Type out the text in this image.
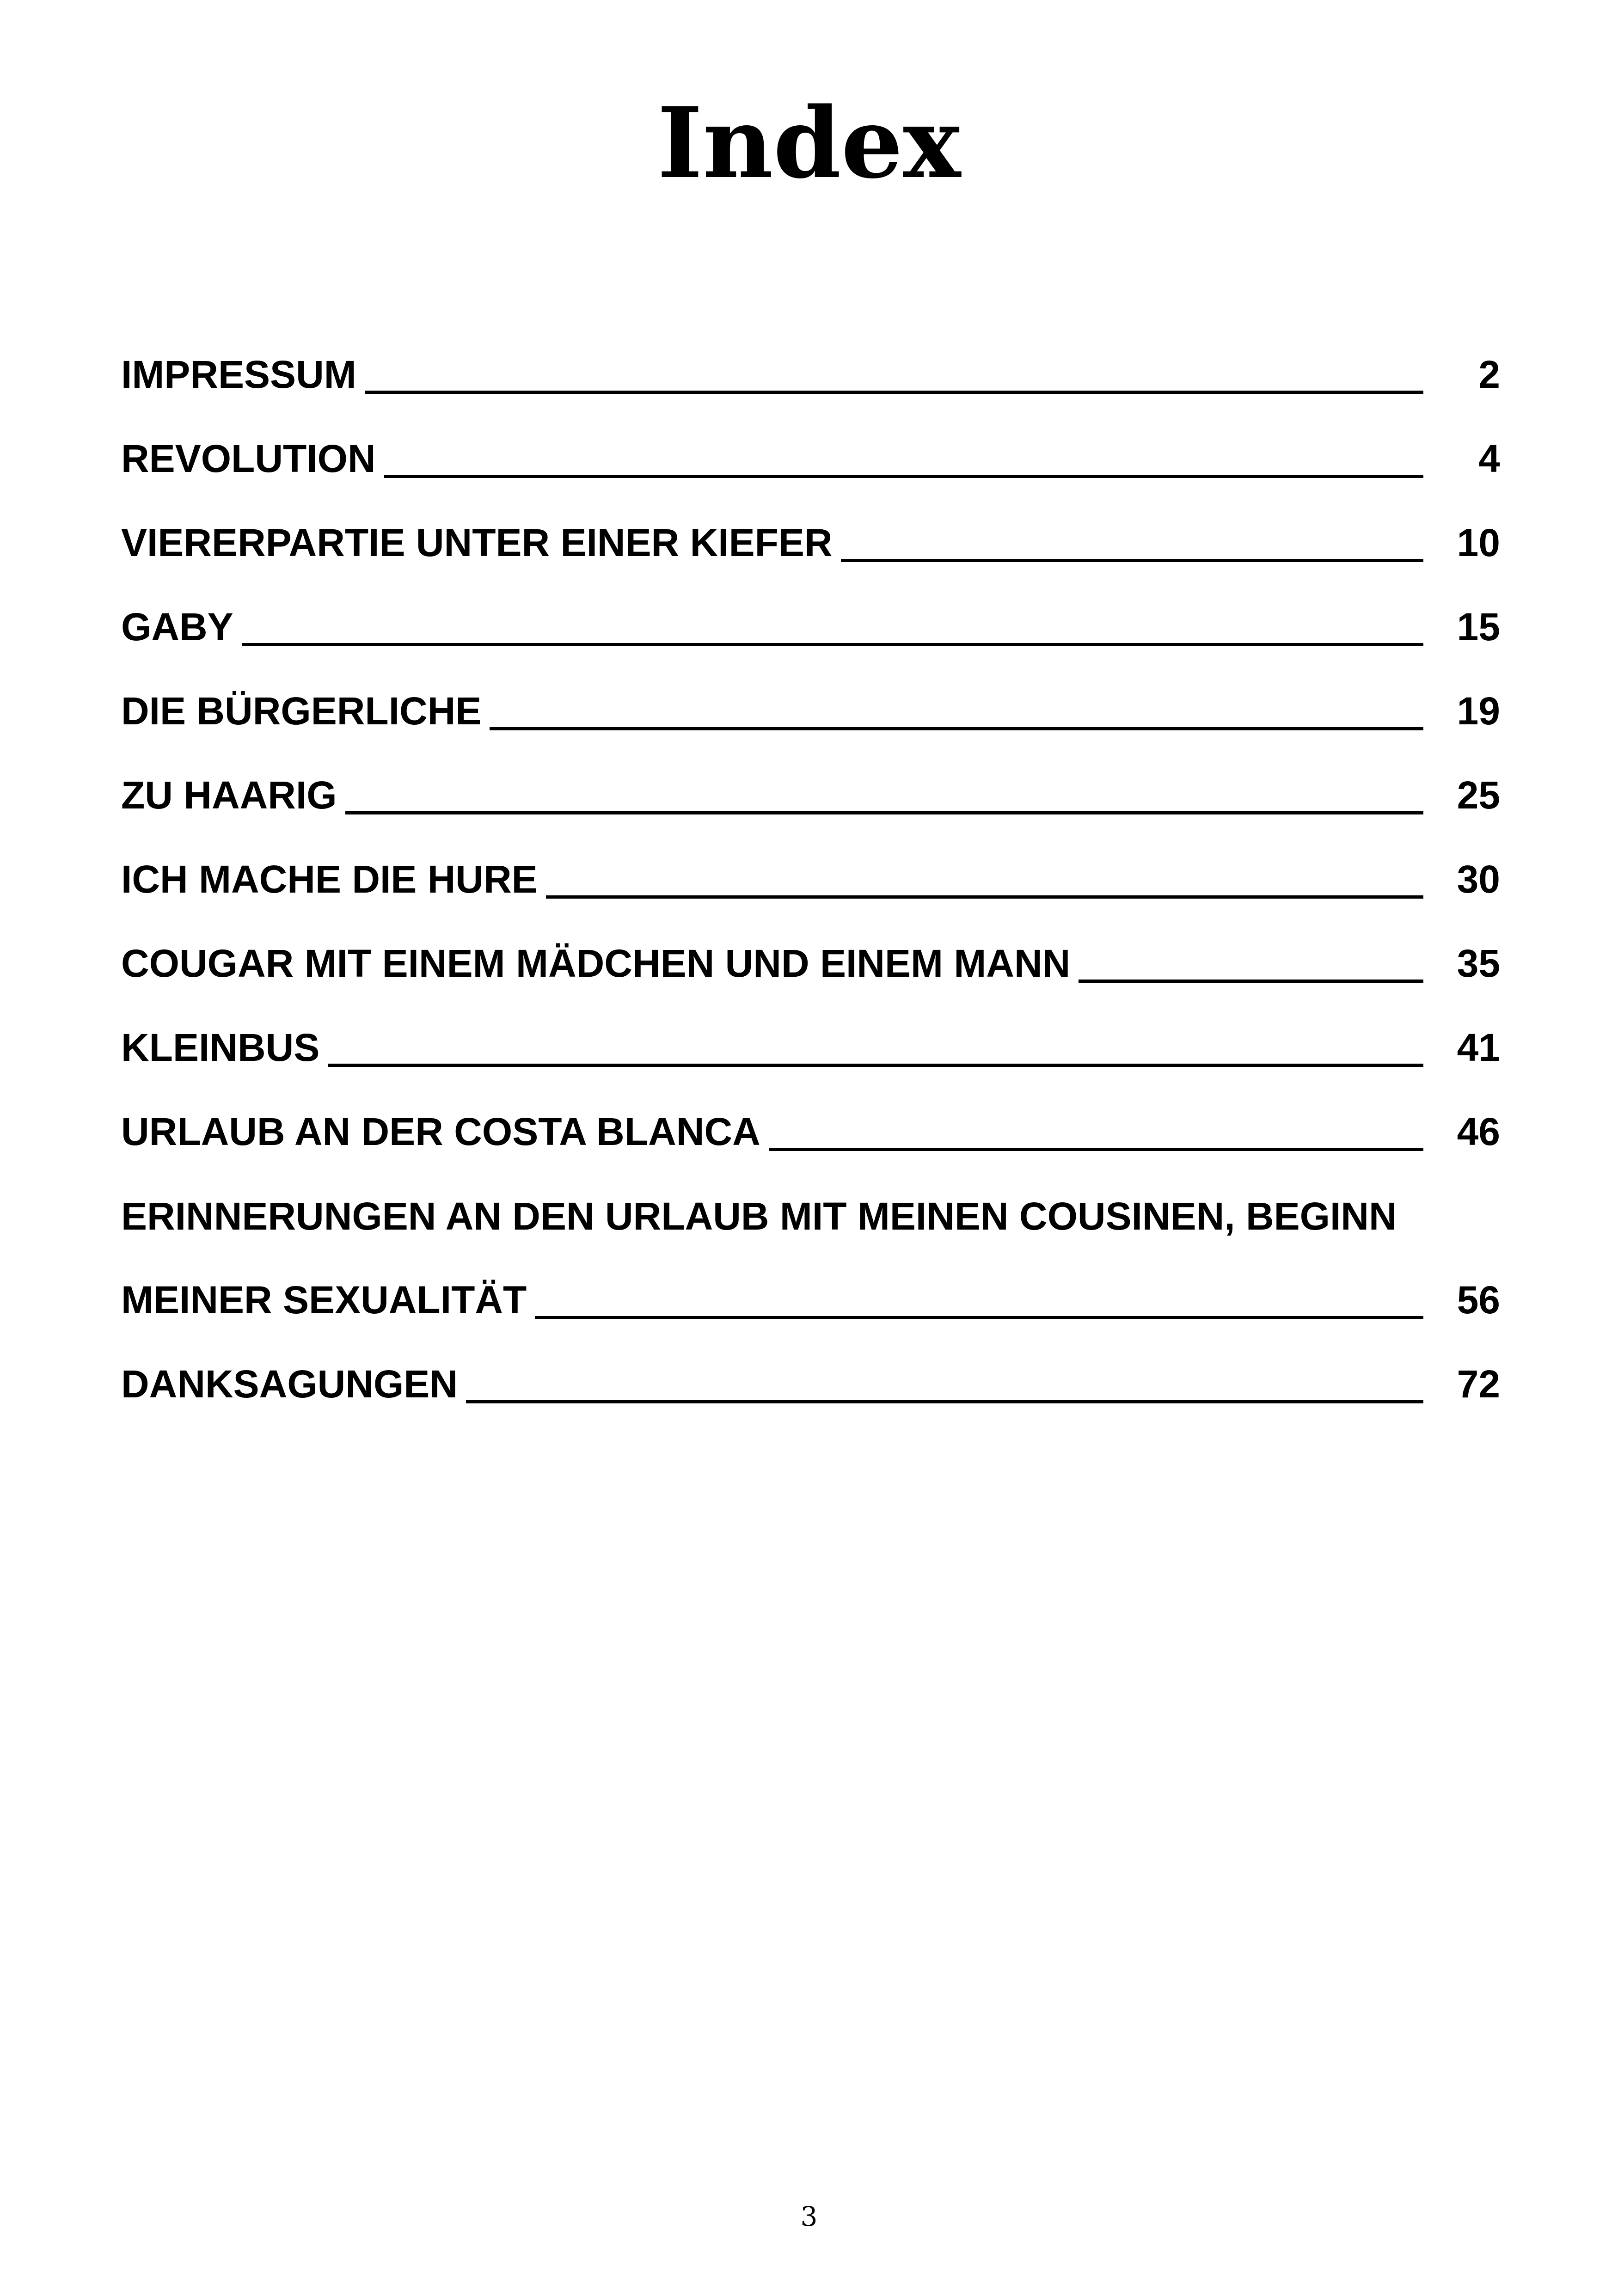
Index
IMPRESSUM	2
REVOLUTION	4
VIERERPARTIE UNTER EINER KIEFER	10
GABY	15
DIE BÜRGERLICHE	19
ZU HAARIG	25
ICH MACHE DIE HURE	30
COUGAR MIT EINEM MÄDCHEN UND EINEM MANN	35
KLEINBUS	41
URLAUB AN DER COSTA BLANCA	46
ERINNERUNGEN AN DEN URLAUB MIT MEINEN COUSINEN, BEGINN
MEINER SEXUALITÄT	56
DANKSAGUNGEN	72
3
